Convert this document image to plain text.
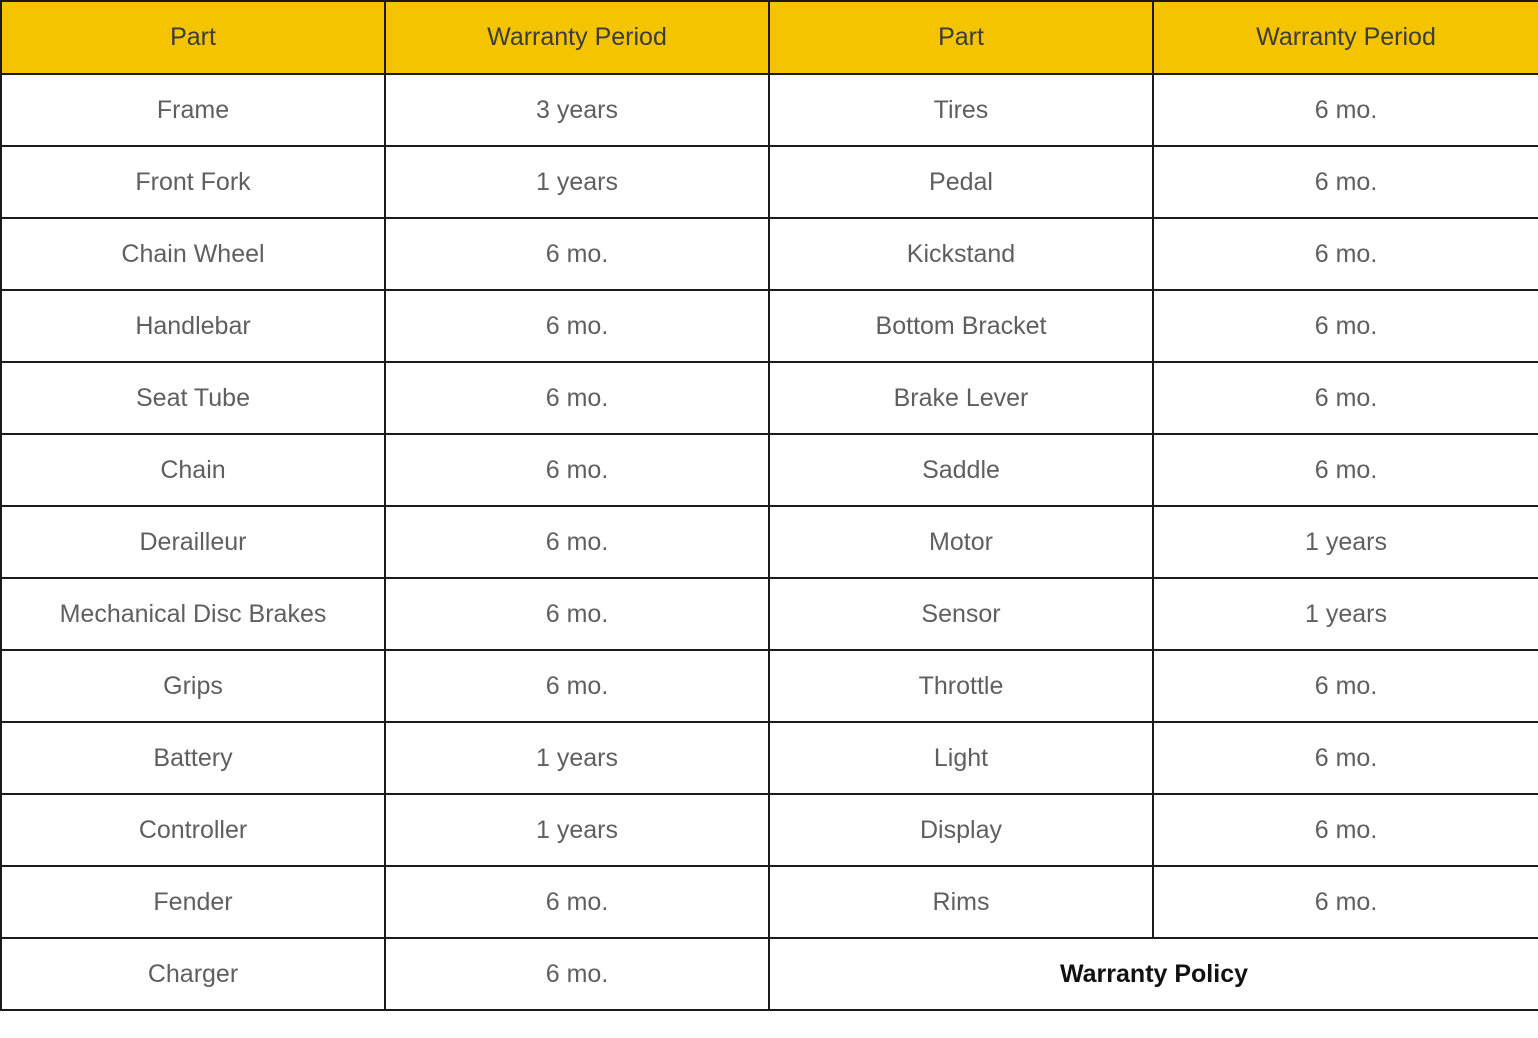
Part	Warranty Period	Part	Warranty Period
Frame	3 years	Tires	6 mo.
Front Fork	1 years	Pedal	6 mo.
Chain Wheel	6 mo.	Kickstand	6 mo.
Handlebar	6 mo.	Bottom Bracket	6 mo.
Seat Tube	6 mo.	Brake Lever	6 mo.
Chain	6 mo.	Saddle	6 mo.
Derailleur	6 mo.	Motor	1 years
Mechanical Disc Brakes	6 mo.	Sensor	1 years
Grips	6 mo.	Throttle	6 mo.
Battery	1 years	Light	6 mo.
Controller	1 years	Display	6 mo.
Fender	6 mo.	Rims	6 mo.
Charger	6 mo.	Warranty Policy	
